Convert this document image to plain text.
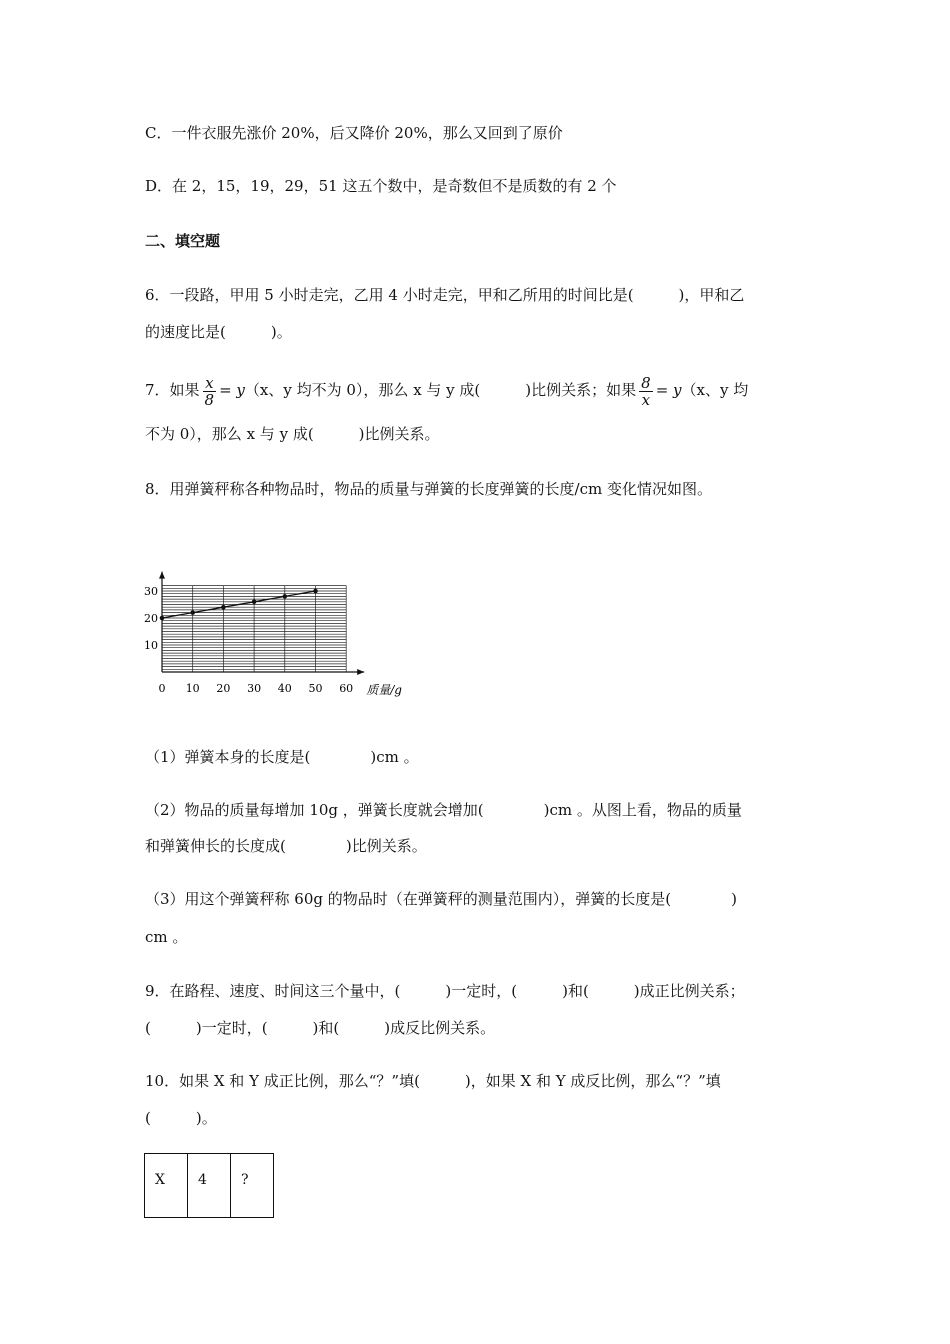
C．一件衣服先涨价 20%，后又降价 20%，那么又回到了原价
D．在 2，15，19，29，51 这五个数中，是奇数但不是质数的有 2 个
二、填空题
6．一段路，甲用 5 小时走完，乙用 4 小时走完，甲和乙所用的时间比是(　　　)，甲和乙
的速度比是(　　　)。
7．如果 $\frac{x}{8} = y(x$、y 均不为 0），那么 x 与 y 成(　　　)比例关系；如果 $\frac{8}{x} = y(x$、y 均
不为 0），那么 x 与 y 成(　　　)比例关系。
8．用弹簧秤称各种物品时，物品的质量与弹簧的长度弹簧的长度/cm 变化情况如图。
0 10 20 30 40 50 60
10
20
30
质量/g
（1）弹簧本身的长度是(　　　　)cm 。
（2）物品的质量每增加 10g ，弹簧长度就会增加(　　　　)cm 。从图上看，物品的质量
和弹簧伸长的长度成(　　　　)比例关系。
（3）用这个弹簧秤称 60g 的物品时（在弹簧秤的测量范围内），弹簧的长度是(　　　　)
cm 。
9．在路程、速度、时间这三个量中，(　　　)一定时，(　　　)和(　　　)成正比例关系；
(　　　)一定时，(　　　)和(　　　)成反比例关系。
10．如果 X 和 Y 成正比例，那么“？”填(　　　)，如果 X 和 Y 成反比例，那么“？”填
(　　　)。
X	4	?
